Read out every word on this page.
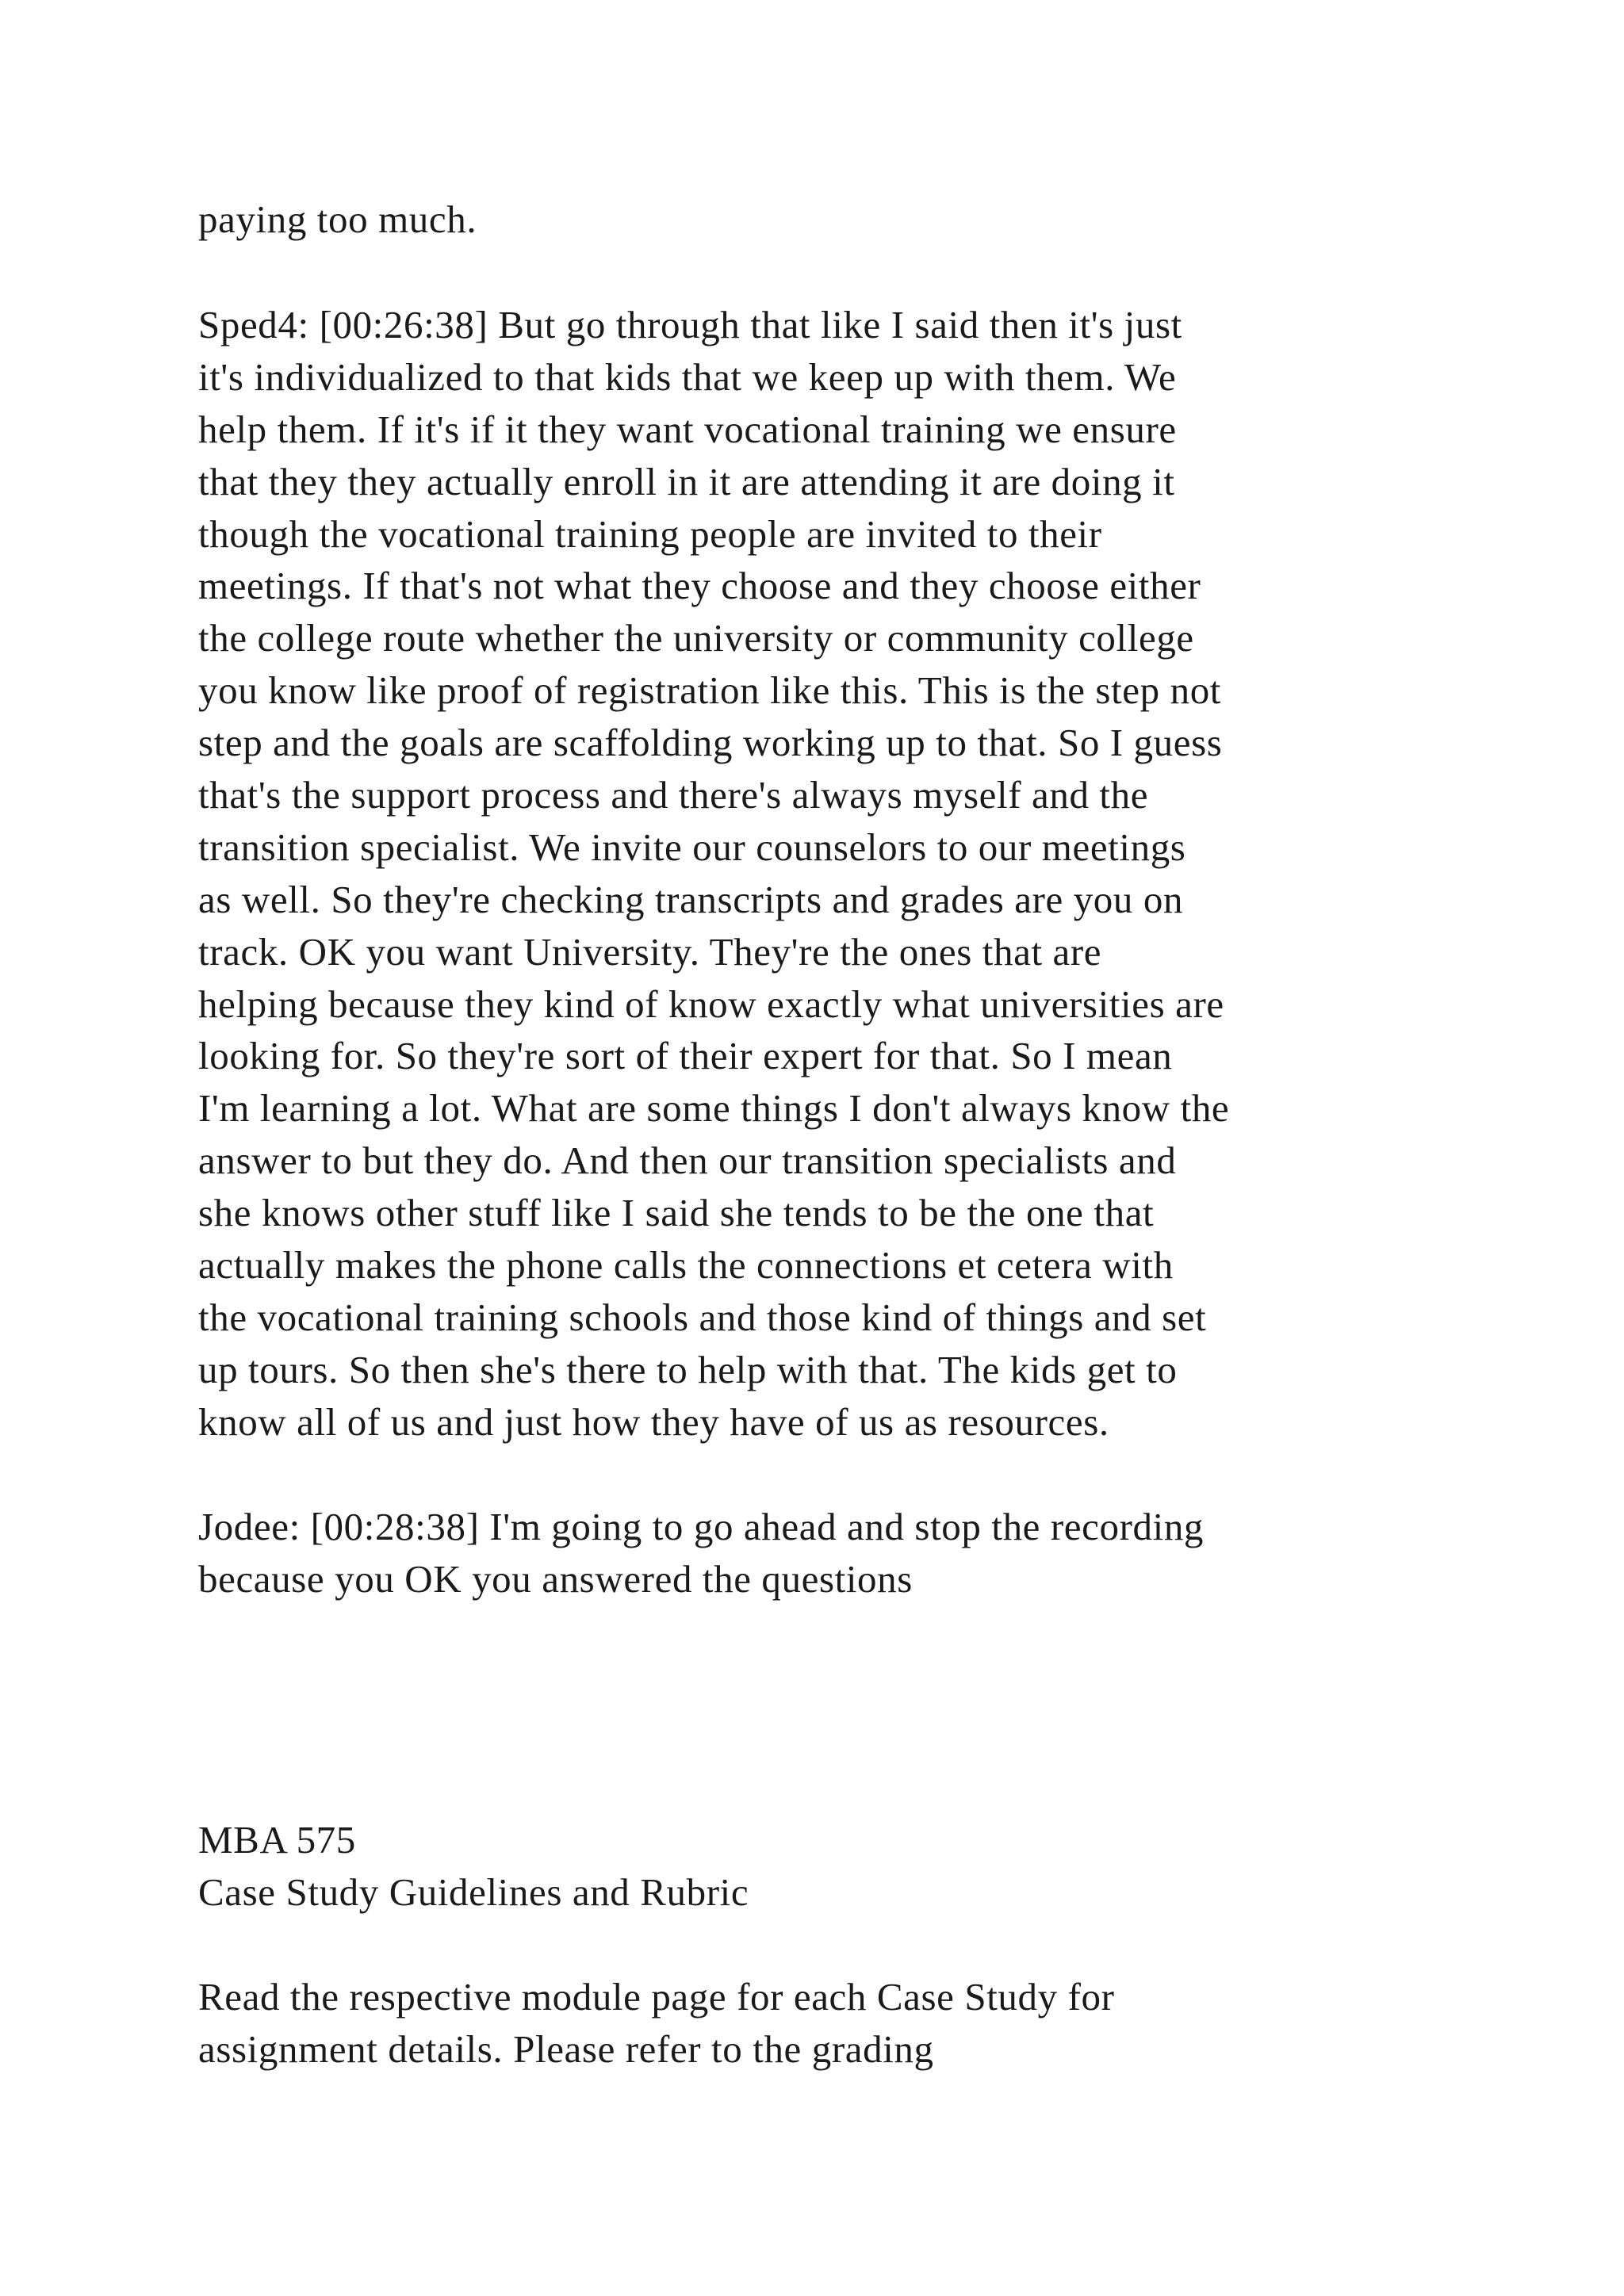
paying too much.
Sped4: [00:26:38] But go through that like I said then it's just
it's individualized to that kids that we keep up with them. We
help them. If it's if it they want vocational training we ensure
that they they actually enroll in it are attending it are doing it
though the vocational training people are invited to their
meetings. If that's not what they choose and they choose either
the college route whether the university or community college
you know like proof of registration like this. This is the step not
step and the goals are scaffolding working up to that. So I guess
that's the support process and there's always myself and the
transition specialist. We invite our counselors to our meetings
as well. So they're checking transcripts and grades are you on
track. OK you want University. They're the ones that are
helping because they kind of know exactly what universities are
looking for. So they're sort of their expert for that. So I mean
I'm learning a lot. What are some things I don't always know the
answer to but they do. And then our transition specialists and
she knows other stuff like I said she tends to be the one that
actually makes the phone calls the connections et cetera with
the vocational training schools and those kind of things and set
up tours. So then she's there to help with that. The kids get to
know all of us and just how they have of us as resources.
Jodee: [00:28:38] I'm going to go ahead and stop the recording
because you OK you answered the questions
MBA 575
Case Study Guidelines and Rubric
Read the respective module page for each Case Study for
assignment details. Please refer to the grading
